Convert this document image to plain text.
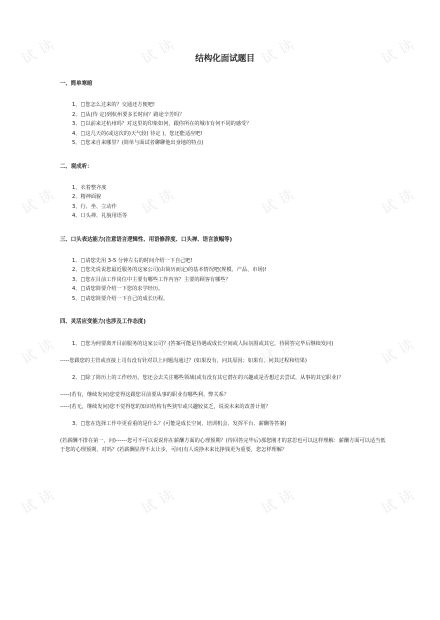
试读	试读	试读	试读
试读	试读	试读	试读
试读	试读	试读	试读
试读	试读	试读	试读
结构化面试题目
一、简单寒暄
1、□您怎么过来的？交通还方便吧!
2、□从(待 定)到杭州要多长时间？路途辛苦吗？
3、□以前来过杭州吗？对这里的印象如何，跟你所在的城市有何不同的感受？
4、□这几天的(或这次的)天气较( 待定 )，您还能适应吧!
5、□您来自来哪里？(简单与面试者聊聊他出身地的特点)
二、观成听：
1、衣着整齐度
2、精神面貌
3、行、坐、立动作
4、口头禅、礼貌用语等
三、口头表达能力(注意语言逻辑性、用语修辞度、口头禅、语言波幅等)
1、□请您先用 3-5 分钟左右的时间介绍一下自己吧!
2、□您先说说您最近服务的这家公司(由简历而定)的基本情况吧(规模、产品、市场)!
3、□您在目前工作岗位中主要有哪些工作内容？主要的顾客有哪些？
4、□请您简要介绍一下您的求学经历。
5、□请您简要介绍一下自己的成长历程。
四、灵活应变能力(也涉及工作态度)
1、□您为何要离开目前服务的这家公司？(答案可能是待遇或成长空间或人际氛围或其它，待回答完毕后继续发问)
-----您跟您的主管或直接上司有没有针对以上问题沟通过？(如果没有，问其原因；如果有，问其过程和结果)
2、□除了简历上的工作经历，您还会去关注哪些领域(或有没有其它潜在的兴趣或是否想过去尝试、从事的其它职业)？
-----(若有，继续发问)您觉得这跟您目前要从事的职业有哪些利、弊关系？
-----(若无，继续发问)您不觉得您的知识结构有些狭窄或兴趣较贫乏，说说未来的改善计划？
3、□您在选择工作中更看重的是什么？(可能是成长空间、培训机会、发挥平台、薪酬等答案)
(若薪酬不排在第一，问)------您可不可以说说你在薪酬方面的心理预期？(待回答完毕后)那您刚才的意思也可以这样理解：薪酬方面可以适当低于您的心理预期，对吗？(若薪酬显得不太让步，可问)有人说挣未来比挣钱更为重要，您怎样理解？
